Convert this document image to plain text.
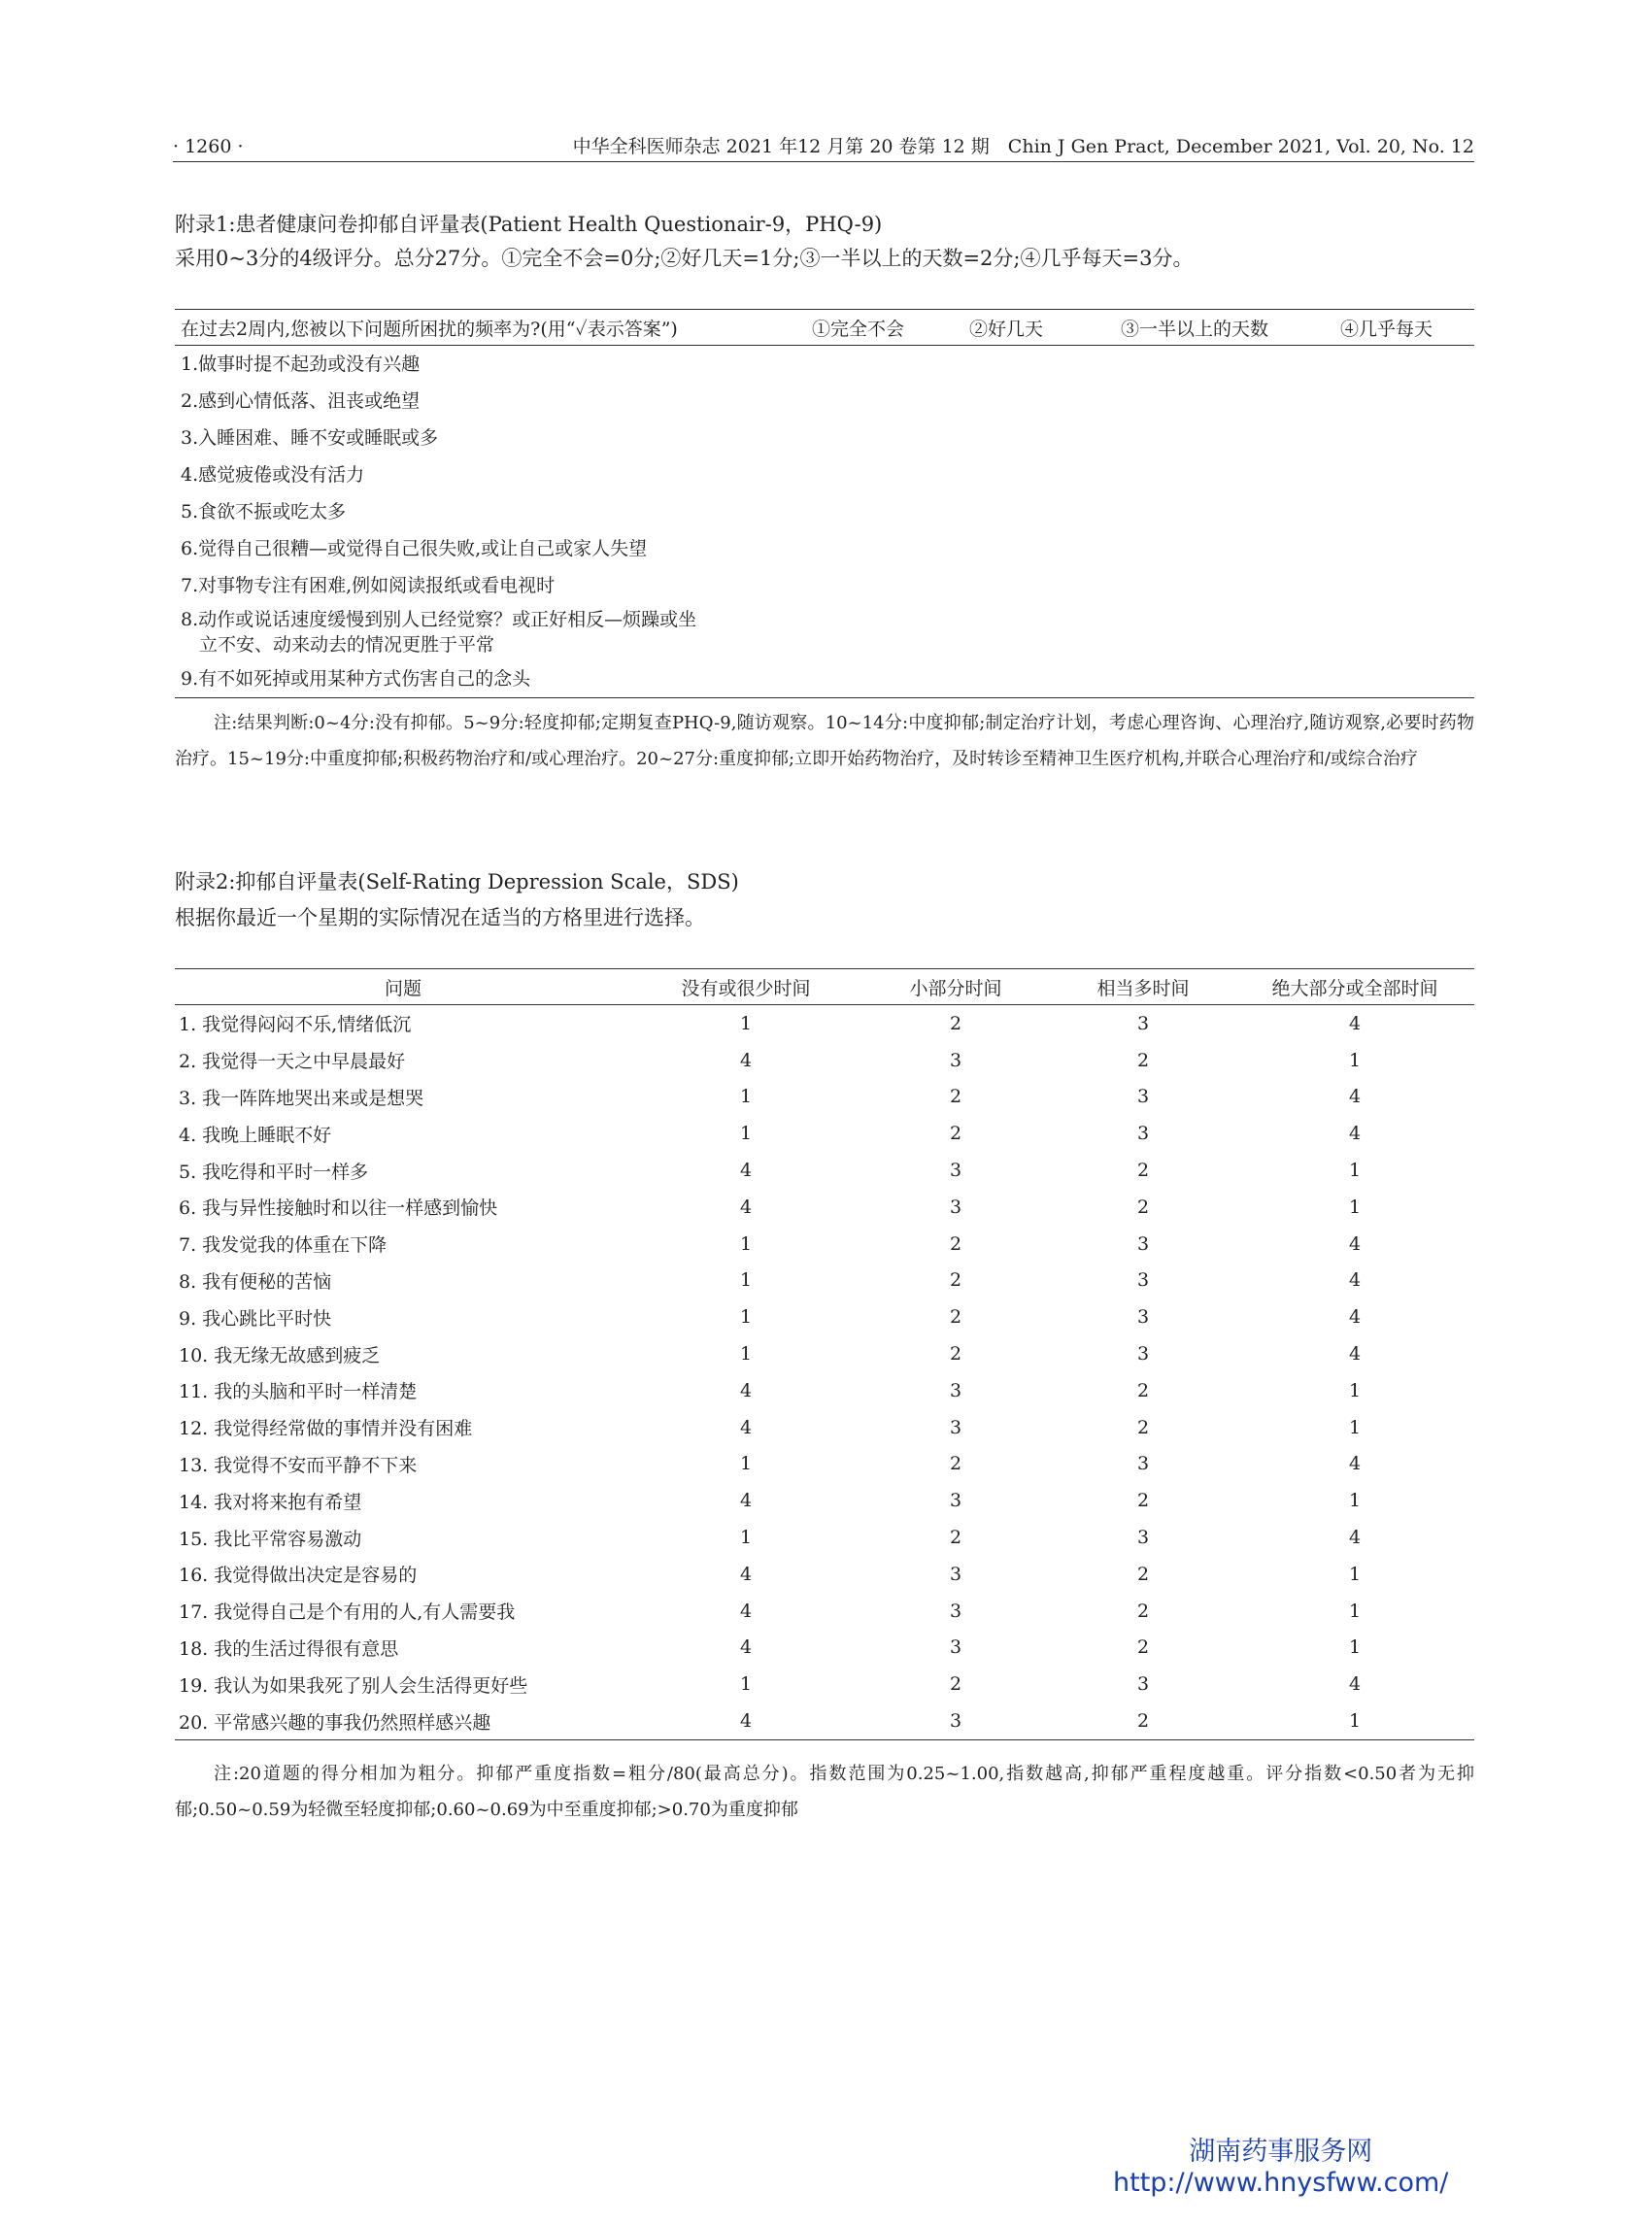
· 1260 ·	中华全科医师杂志 2021 年12 月第 20 卷第 12 期　Chin J Gen Pract, December 2021, Vol. 20, No. 12
附录1:患者健康问卷抑郁自评量表(Patient Health Questionair-9，PHQ-9)
采用0~3分的4级评分。总分27分。①完全不会=0分;②好几天=1分;③一半以上的天数=2分;④几乎每天=3分。
在过去2周内,您被以下问题所困扰的频率为?(用“✓表示答案”)	①完全不会	②好几天	③一半以上的天数	④几乎每天
1.做事时提不起劲或没有兴趣				
2.感到心情低落、沮丧或绝望				
3.入睡困难、睡不安或睡眠或多				
4.感觉疲倦或没有活力				
5.食欲不振或吃太多				
6.觉得自己很糟—或觉得自己很失败,或让自己或家人失望				
7.对事物专注有困难,例如阅读报纸或看电视时				
8.动作或说话速度缓慢到别人已经觉察？或正好相反—烦躁或坐
　立不安、动来动去的情况更胜于平常				
9.有不如死掉或用某种方式伤害自己的念头				
注:结果判断:0~4分:没有抑郁。5~9分:轻度抑郁;定期复查PHQ-9,随访观察。10~14分:中度抑郁;制定治疗计划，考虑心理咨询、心理治疗,随访观察,必要时药物治疗。15~19分:中重度抑郁;积极药物治疗和/或心理治疗。20~27分:重度抑郁;立即开始药物治疗，及时转诊至精神卫生医疗机构,并联合心理治疗和/或综合治疗
附录2:抑郁自评量表(Self-Rating Depression Scale，SDS)
根据你最近一个星期的实际情况在适当的方格里进行选择。
问题	没有或很少时间	小部分时间	相当多时间	绝大部分或全部时间
1. 我觉得闷闷不乐,情绪低沉	1	2	3	4
2. 我觉得一天之中早晨最好	4	3	2	1
3. 我一阵阵地哭出来或是想哭	1	2	3	4
4. 我晚上睡眠不好	1	2	3	4
5. 我吃得和平时一样多	4	3	2	1
6. 我与异性接触时和以往一样感到愉快	4	3	2	1
7. 我发觉我的体重在下降	1	2	3	4
8. 我有便秘的苦恼	1	2	3	4
9. 我心跳比平时快	1	2	3	4
10. 我无缘无故感到疲乏	1	2	3	4
11. 我的头脑和平时一样清楚	4	3	2	1
12. 我觉得经常做的事情并没有困难	4	3	2	1
13. 我觉得不安而平静不下来	1	2	3	4
14. 我对将来抱有希望	4	3	2	1
15. 我比平常容易激动	1	2	3	4
16. 我觉得做出决定是容易的	4	3	2	1
17. 我觉得自己是个有用的人,有人需要我	4	3	2	1
18. 我的生活过得很有意思	4	3	2	1
19. 我认为如果我死了别人会生活得更好些	1	2	3	4
20. 平常感兴趣的事我仍然照样感兴趣	4	3	2	1
注:20道题的得分相加为粗分。抑郁严重度指数=粗分/80(最高总分)。指数范围为0.25~1.00,指数越高,抑郁严重程度越重。评分指数<0.50者为无抑郁;0.50~0.59为轻微至轻度抑郁;0.60~0.69为中至重度抑郁;>0.70为重度抑郁
湖南药事服务网
http://www.hnysfww.com/
